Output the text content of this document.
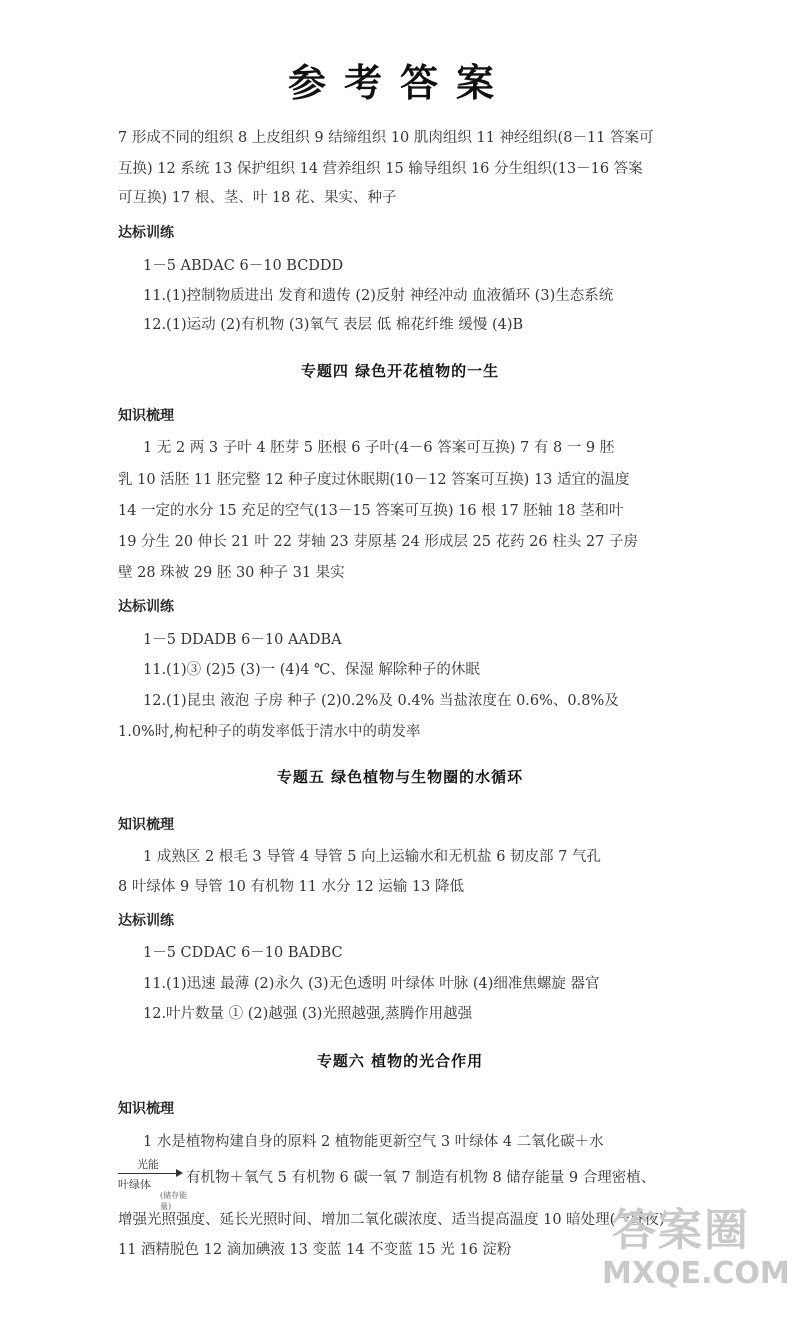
参考答案
7 形成不同的组织 8 上皮组织 9 结缔组织 10 肌肉组织 11 神经组织(8－11 答案可
互换) 12 系统 13 保护组织 14 营养组织 15 输导组织 16 分生组织(13－16 答案
可互换) 17 根、茎、叶 18 花、果实、种子
达标训练
1－5 ABDAC 6－10 BCDDD
11.(1)控制物质进出 发育和遗传 (2)反射 神经冲动 血液循环 (3)生态系统
12.(1)运动 (2)有机物 (3)氧气 表层 低 棉花纤维 缓慢 (4)B
专题四 绿色开花植物的一生
知识梳理
1 无 2 两 3 子叶 4 胚芽 5 胚根 6 子叶(4－6 答案可互换) 7 有 8 一 9 胚
乳 10 活胚 11 胚完整 12 种子度过休眠期(10－12 答案可互换) 13 适宜的温度
14 一定的水分 15 充足的空气(13－15 答案可互换) 16 根 17 胚轴 18 茎和叶
19 分生 20 伸长 21 叶 22 芽轴 23 芽原基 24 形成层 25 花药 26 柱头 27 子房
壁 28 珠被 29 胚 30 种子 31 果实
达标训练
1－5 DDADB 6－10 AADBA
11.(1)③ (2)5 (3)一 (4)4 ℃、保湿 解除种子的休眠
12.(1)昆虫 液泡 子房 种子 (2)0.2%及 0.4% 当盐浓度在 0.6%、0.8%及
1.0%时,枸杞种子的萌发率低于清水中的萌发率
专题五 绿色植物与生物圈的水循环
知识梳理
1 成熟区 2 根毛 3 导管 4 导管 5 向上运输水和无机盐 6 韧皮部 7 气孔
8 叶绿体 9 导管 10 有机物 11 水分 12 运输 13 降低
达标训练
1－5 CDDAC 6－10 BADBC
11.(1)迅速 最薄 (2)永久 (3)无色透明 叶绿体 叶脉 (4)细准焦螺旋 器官
12.叶片数量 ① (2)越强 (3)光照越强,蒸腾作用越强
专题六 植物的光合作用
知识梳理
1 水是植物构建自身的原料 2 植物能更新空气 3 叶绿体 4 二氧化碳＋水
光能
叶绿体
(储存能量)
有机物＋氧气 5 有机物 6 碳一氧 7 制造有机物 8 储存能量 9 合理密植、
增强光照强度、延长光照时间、增加二氧化碳浓度、适当提高温度 10 暗处理(一昼夜)
11 酒精脱色 12 滴加碘液 13 变蓝 14 不变蓝 15 光 16 淀粉 答案圈
MXQE.COM
